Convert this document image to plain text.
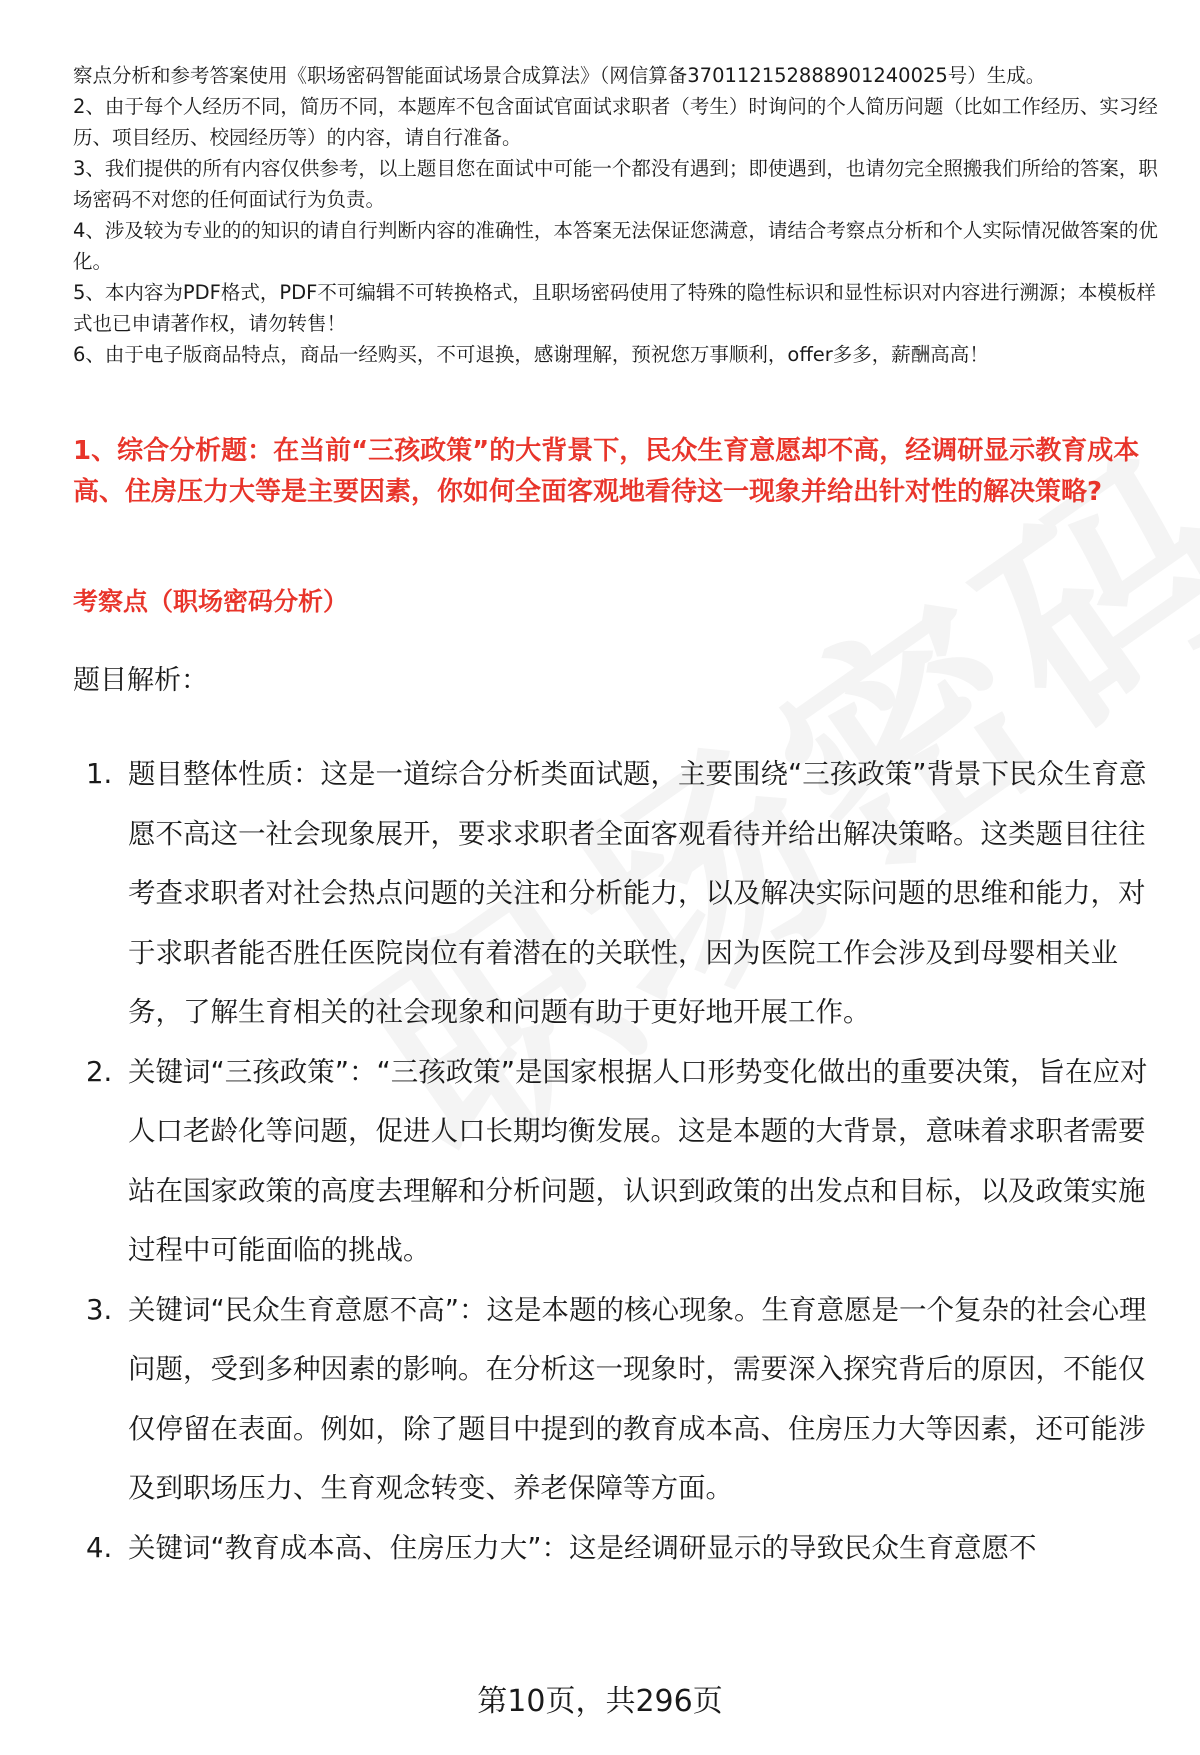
察点分析和参考答案使用《职场密码智能面试场景合成算法》（网信算备370112152888901240025号）生成。

2、由于每个人经历不同，简历不同，本题库不包含面试官面试求职者（考生）时询问的个人简历问题（比如工作经历、实习经历、项目经历、校园经历等）的内容，请自行准备。

3、我们提供的所有内容仅供参考，以上题目您在面试中可能一个都没有遇到；即使遇到，也请勿完全照搬我们所给的答案，职场密码不对您的任何面试行为负责。

4、涉及较为专业的的知识的请自行判断内容的准确性，本答案无法保证您满意，请结合考察点分析和个人实际情况做答案的优化。

5、本内容为PDF格式，PDF不可编辑不可转换格式，且职场密码使用了特殊的隐性标识和显性标识对内容进行溯源；本模板样式也已申请著作权，请勿转售！

6、由于电子版商品特点，商品一经购买，不可退换，感谢理解，预祝您万事顺利，offer多多，薪酬高高！

1、综合分析题：在当前“三孩政策”的大背景下，民众生育意愿却不高，经调研显示教育成本高、住房压力大等是主要因素，你如何全面客观地看待这一现象并给出针对性的解决策略?
考察点（职场密码分析）
题目解析：
1. 题目整体性质：这是一道综合分析类面试题，主要围绕“三孩政策”背景下民众生育意愿不高这一社会现象展开，要求求职者全面客观看待并给出解决策略。这类题目往往考查求职者对社会热点问题的关注和分析能力，以及解决实际问题的思维和能力，对于求职者能否胜任医院岗位有着潜在的关联性，因为医院工作会涉及到母婴相关业务，了解生育相关的社会现象和问题有助于更好地开展工作。
2. 关键词“三孩政策”：“三孩政策”是国家根据人口形势变化做出的重要决策，旨在应对人口老龄化等问题，促进人口长期均衡发展。这是本题的大背景，意味着求职者需要站在国家政策的高度去理解和分析问题，认识到政策的出发点和目标，以及政策实施过程中可能面临的挑战。
3. 关键词“民众生育意愿不高”：这是本题的核心现象。生育意愿是一个复杂的社会心理问题，受到多种因素的影响。在分析这一现象时，需要深入探究背后的原因，不能仅仅停留在表面。例如，除了题目中提到的教育成本高、住房压力大等因素，还可能涉及到职场压力、生育观念转变、养老保障等方面。
4. 关键词“教育成本高、住房压力大”：这是经调研显示的导致民众生育意愿不
第10页，共296页
